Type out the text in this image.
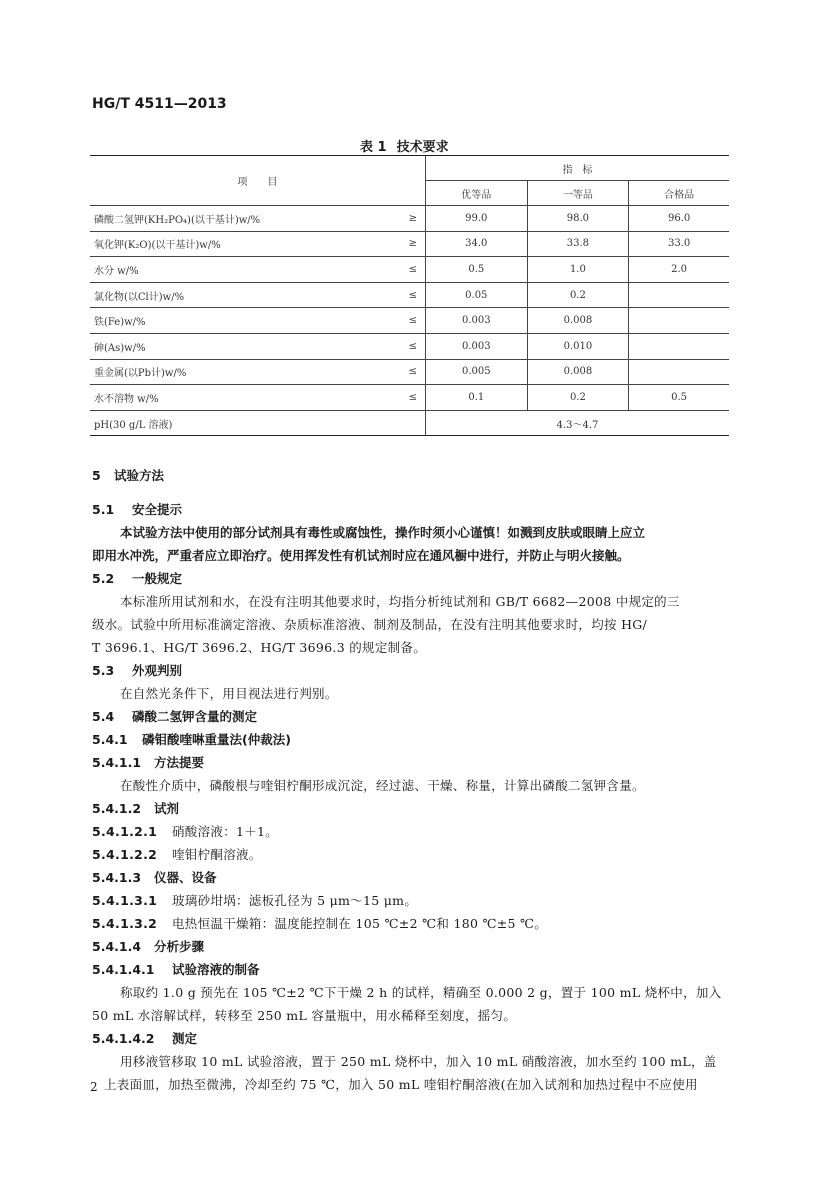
HG/T 4511—2013
表 1 技术要求
项　　目		指　标		
		优等品	一等品	合格品
磷酸二氢钾(KH₂PO₄)(以干基计)w/%	≥	99.0	98.0	96.0
氧化钾(K₂O)(以干基计)w/%	≥	34.0	33.8	33.0
水分 w/%	≤	0.5	1.0	2.0
氯化物(以Cl计)w/%	≤	0.05	0.2	
铁(Fe)w/%	≤	0.003	0.008	
砷(As)w/%	≤	0.003	0.010	
重金属(以Pb计)w/%	≤	0.005	0.008	
水不溶物 w/%	≤	0.1	0.2	0.5
pH(30 g/L 溶液)		4.3～4.7		
5 试验方法
5.1 安全提示
本试验方法中使用的部分试剂具有毒性或腐蚀性，操作时须小心谨慎！如溅到皮肤或眼睛上应立
即用水冲洗，严重者应立即治疗。使用挥发性有机试剂时应在通风橱中进行，并防止与明火接触。
5.2 一般规定
本标准所用试剂和水，在没有注明其他要求时，均指分析纯试剂和 GB/T 6682—2008 中规定的三
级水。试验中所用标准滴定溶液、杂质标准溶液、制剂及制品，在没有注明其他要求时，均按 HG/
T 3696.1、HG/T 3696.2、HG/T 3696.3 的规定制备。
5.3 外观判别
在自然光条件下，用目视法进行判别。
5.4 磷酸二氢钾含量的测定
5.4.1 磷钼酸喹啉重量法(仲裁法)
5.4.1.1 方法提要
在酸性介质中，磷酸根与喹钼柠酮形成沉淀，经过滤、干燥、称量，计算出磷酸二氢钾含量。
5.4.1.2 试剂
5.4.1.2.1 硝酸溶液：1＋1。
5.4.1.2.2 喹钼柠酮溶液。
5.4.1.3 仪器、设备
5.4.1.3.1 玻璃砂坩埚：滤板孔径为 5 μm～15 μm。
5.4.1.3.2 电热恒温干燥箱：温度能控制在 105 ℃±2 ℃和 180 ℃±5 ℃。
5.4.1.4 分析步骤
5.4.1.4.1 试验溶液的制备
称取约 1.0 g 预先在 105 ℃±2 ℃下干燥 2 h 的试样，精确至 0.000 2 g，置于 100 mL 烧杯中，加入
50 mL 水溶解试样，转移至 250 mL 容量瓶中，用水稀释至刻度，摇匀。
5.4.1.4.2 测定
用移液管移取 10 mL 试验溶液，置于 250 mL 烧杯中，加入 10 mL 硝酸溶液，加水至约 100 mL，盖
上表面皿，加热至微沸，冷却至约 75 ℃，加入 50 mL 喹钼柠酮溶液(在加入试剂和加热过程中不应使用
2
